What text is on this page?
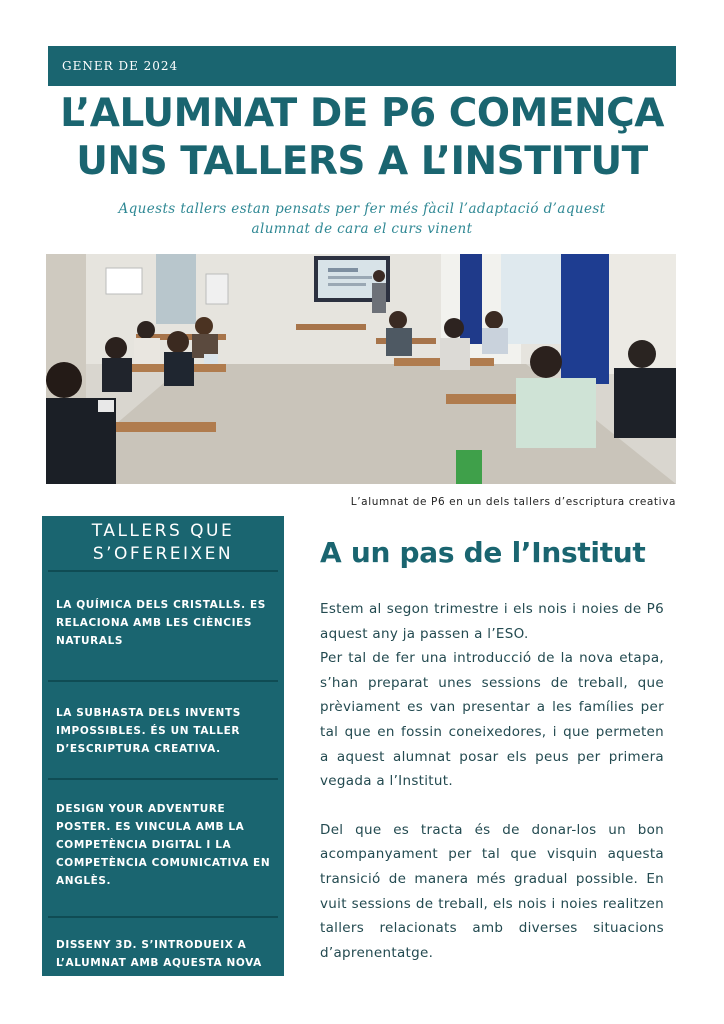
GENER DE 2024
L’ALUMNAT DE P6 COMENÇA
UNS TALLERS A L’INSTITUT

Aquests tallers estan pensats per fer més fàcil l’adaptació d’aquest
alumnat de cara el curs vinent

L’alumnat de P6 en un dels tallers d’escriptura creativa
TALLERS QUE
S’OFEREIXEN
LA QUÍMICA DELS CRISTALLS. ES RELACIONA AMB LES CIÈNCIES NATURALS
LA SUBHASTA DELS INVENTS IMPOSSIBLES. ÉS UN TALLER D’ESCRIPTURA CREATIVA.
DESIGN YOUR ADVENTURE POSTER. ES VINCULA AMB LA COMPETÈNCIA DIGITAL I LA COMPETÈNCIA COMUNICATIVA EN ANGLÈS.
DISSENY 3D. S’INTRODUEIX A L’ALUMNAT AMB AQUESTA NOVA TECNOLOGIA.
A un pas de l’Institut

Estem al segon trimestre i els nois i noies de P6 aquest any ja passen a l’ESO.

Per tal de fer una introducció de la nova etapa, s’han preparat unes sessions de treball, que prèviament es van presentar a les famílies per tal que en fossin coneixedores, i que permeten a aquest alumnat posar els peus per primera vegada a l’Institut.

Del que es tracta és de donar-los un bon acompanyament per tal que visquin aquesta transició de manera més gradual possible. En vuit sessions de treball, els nois i noies realitzen tallers relacionats amb diverses situacions d’aprenentatge.
